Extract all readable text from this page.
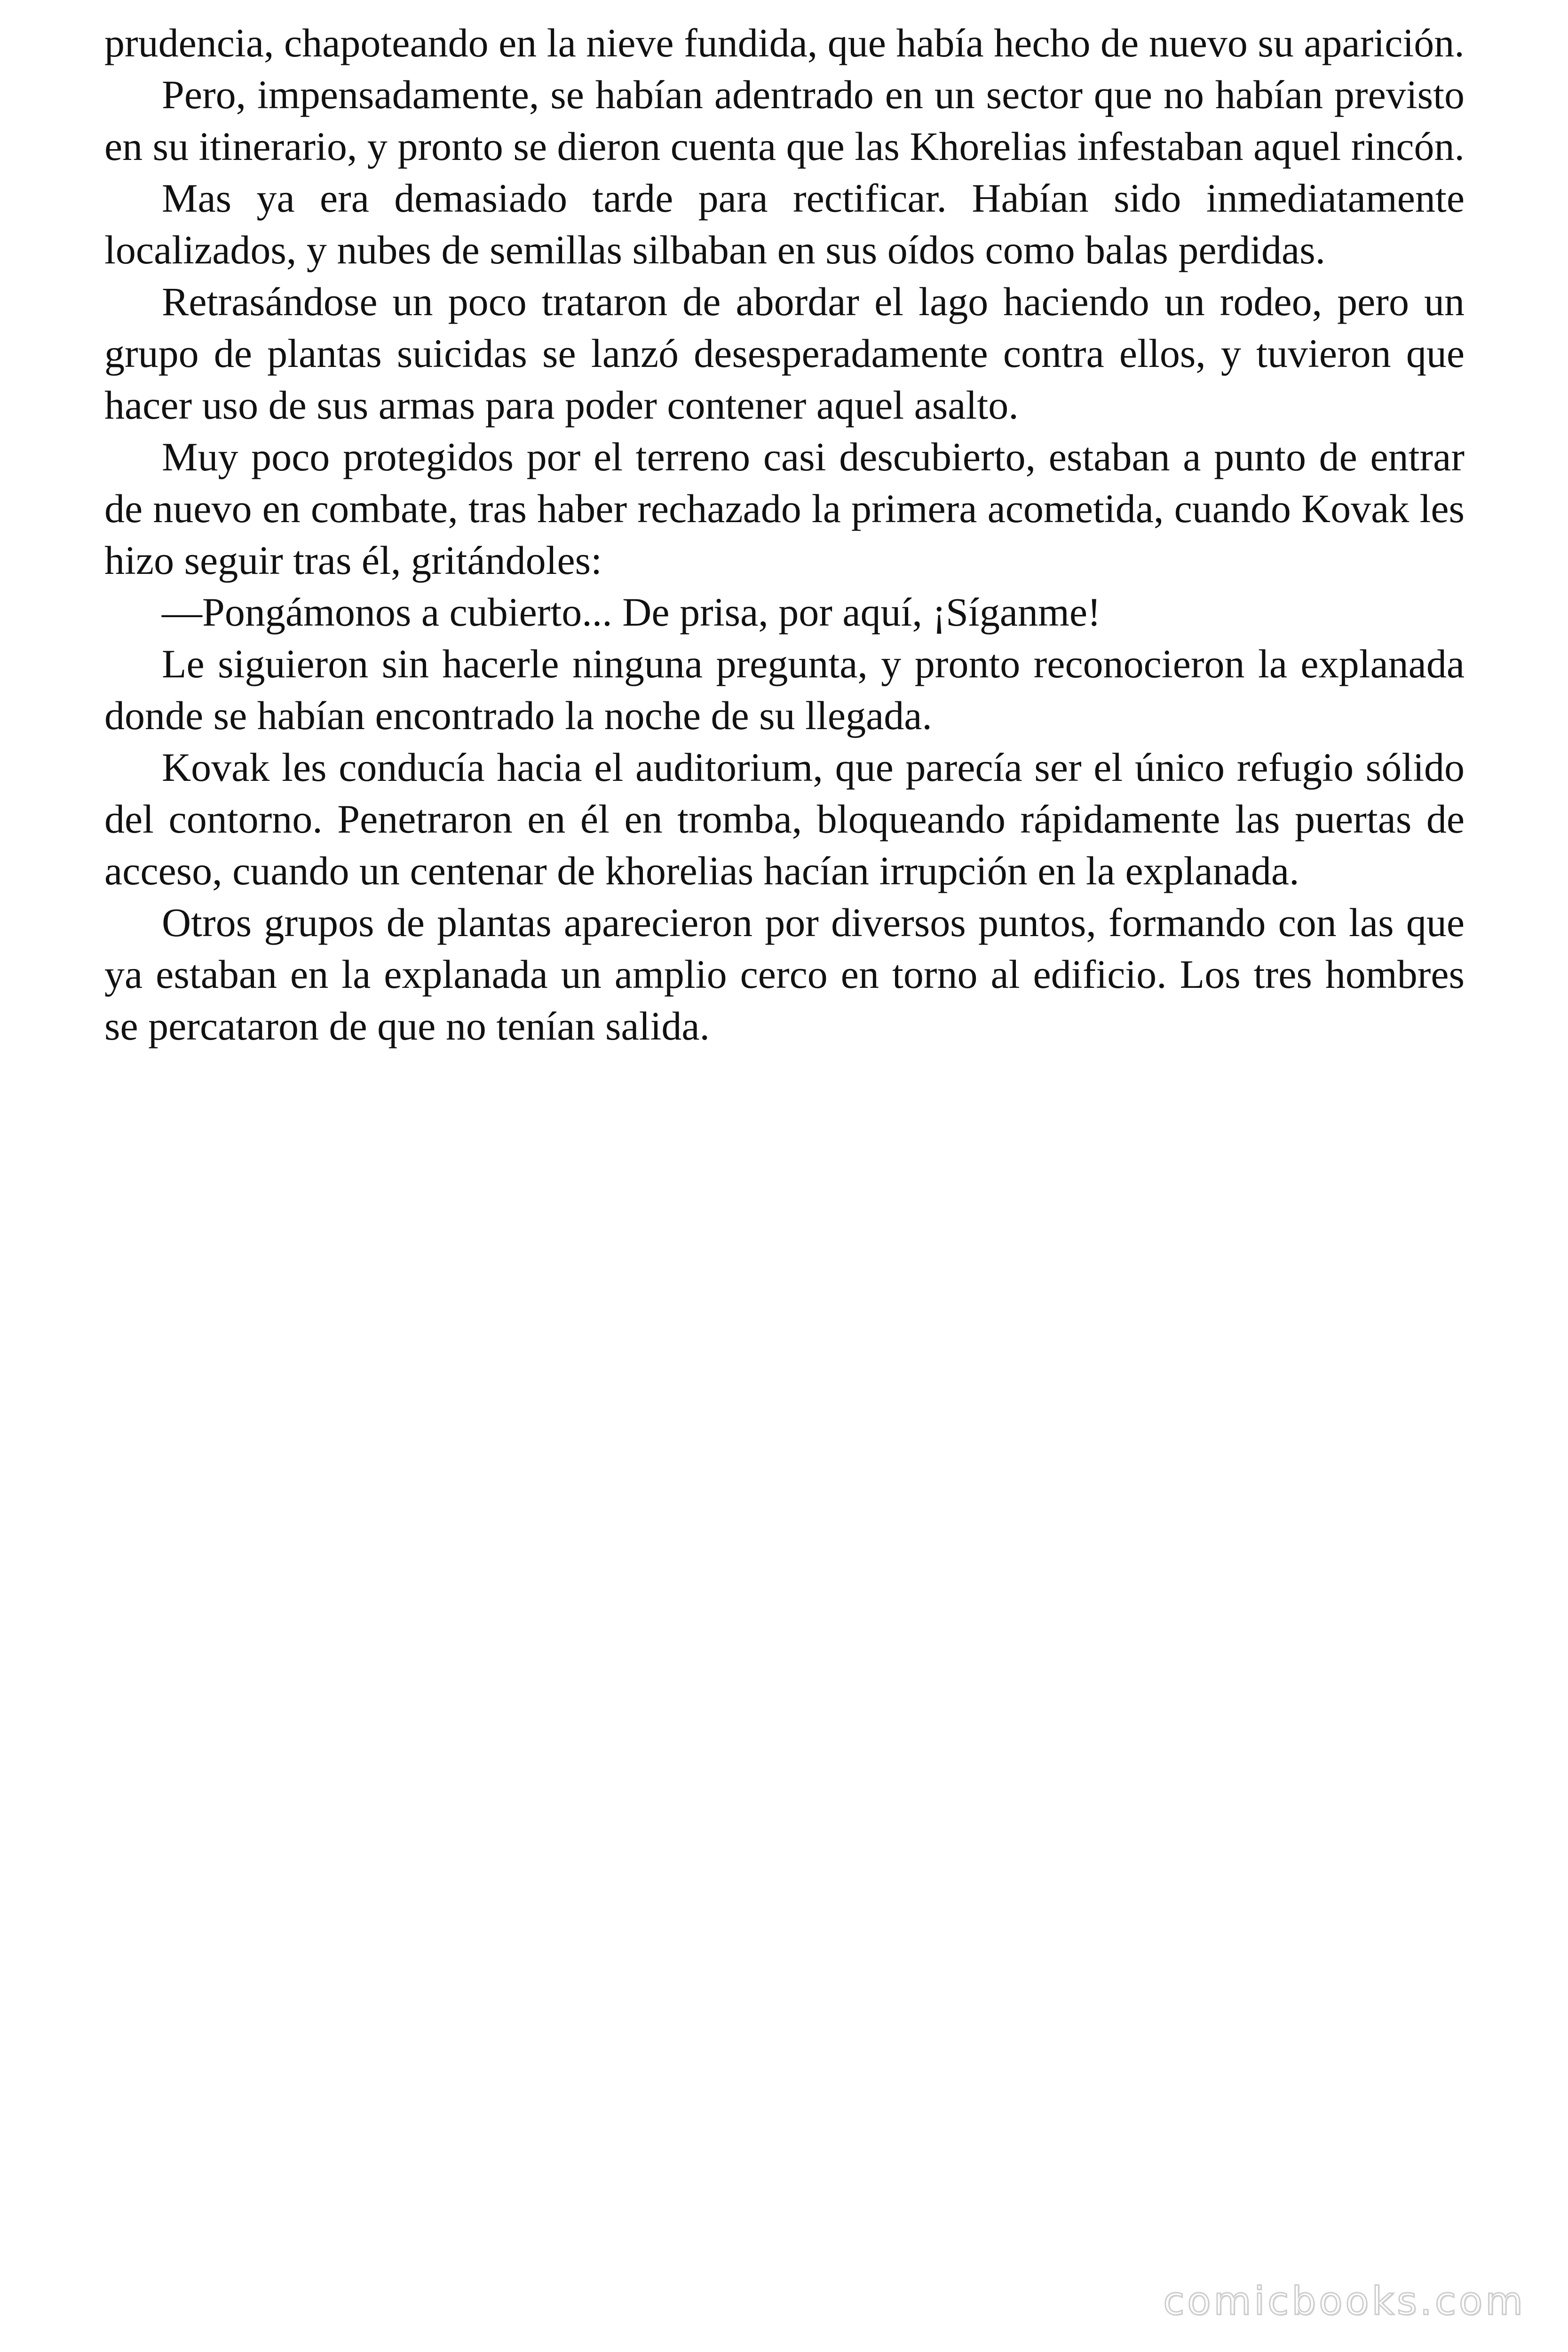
prudencia, chapoteando en la nieve fundida, que había hecho de nuevo su aparición.

Pero, impensadamente, se habían adentrado en un sector que no habían previsto en su itinerario, y pronto se dieron cuenta que las Khorelias infestaban aquel rincón.

Mas ya era demasiado tarde para rectificar. Habían sido inmediatamente localizados, y nubes de semillas silbaban en sus oídos como balas perdidas.

Retrasándose un poco trataron de abordar el lago haciendo un rodeo, pero un grupo de plantas suicidas se lanzó desesperadamente contra ellos, y tuvieron que hacer uso de sus armas para poder contener aquel asalto.

Muy poco protegidos por el terreno casi descubierto, estaban a punto de entrar de nuevo en combate, tras haber rechazado la primera acometida, cuando Kovak les hizo seguir tras él, gritándoles:

—Pongámonos a cubierto... De prisa, por aquí, ¡Síganme!

Le siguieron sin hacerle ninguna pregunta, y pronto reconocieron la explanada donde se habían encontrado la noche de su llegada.

Kovak les conducía hacia el auditorium, que parecía ser el único refugio sólido del contorno. Penetraron en él en tromba, bloqueando rápidamente las puertas de acceso, cuando un centenar de khorelias hacían irrupción en la explanada.

Otros grupos de plantas aparecieron por diversos puntos, formando con las que ya estaban en la explanada un amplio cerco en torno al edificio. Los tres hombres se percataron de que no tenían salida.

comicbooks.com
